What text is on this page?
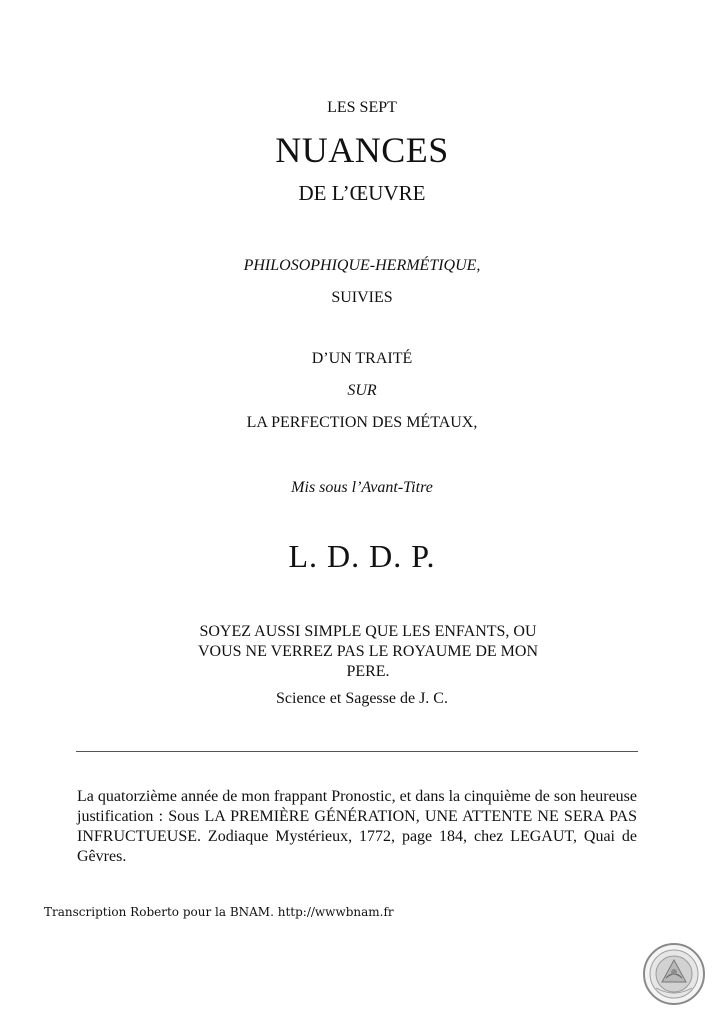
LES SEPT
NUANCES
DE L’ŒUVRE
PHILOSOPHIQUE-HERMÉTIQUE,
SUIVIES
D’UN TRAITÉ
SUR
LA PERFECTION DES MÉTAUX,
Mis sous l’Avant-Titre
L. D. D. P.
SOYEZ AUSSI SIMPLE QUE LES ENFANTS, OU VOUS NE VERREZ PAS LE ROYAUME DE MON PERE.
Science et Sagesse de J. C.
La quatorzième année de mon frappant Pronostic, et dans la cinquième de son heureuse justification : Sous LA PREMIÈRE GÉNÉRATION, UNE ATTENTE NE SERA PAS INFRUCTUEUSE. Zodiaque Mystérieux, 1772, page 184, chez LEGAUT, Quai de Gêvres.
Transcription Roberto pour la BNAM. http://wwwbnam.fr
